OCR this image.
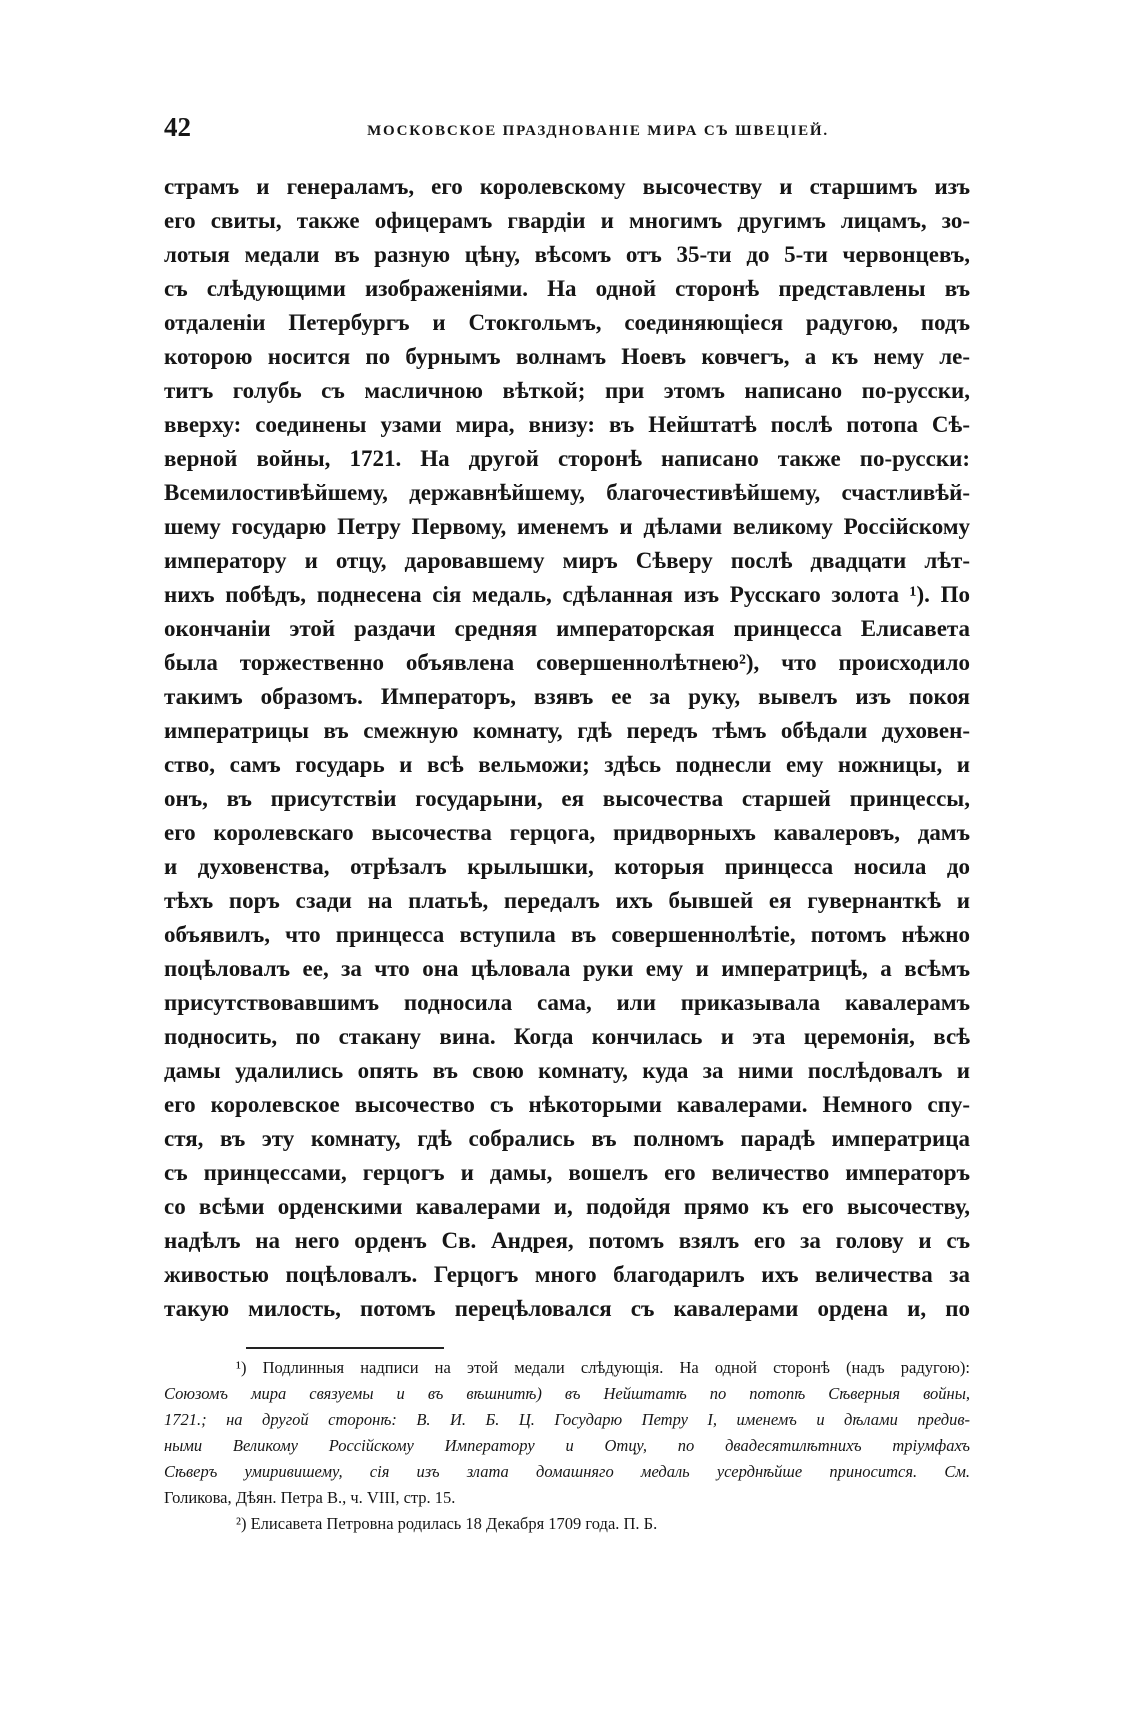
42	МОСКОВСКОЕ ПРАЗДНОВАНІЕ МИРА СЪ ШВЕЦІЕЙ.
страмъ и генераламъ, его королевскому высочеству и старшимъ изъ
его свиты, также офицерамъ гвардіи и многимъ другимъ лицамъ, зо-
лотыя медали въ разную цѣну, вѣсомъ отъ 35-ти до 5-ти червонцевъ,
съ слѣдующими изображеніями. На одной сторонѣ представлены въ
отдаленіи Петербургъ и Стокгольмъ, соединяющіеся радугою, подъ
которою носится по бурнымъ волнамъ Ноевъ ковчегъ, а къ нему ле-
титъ голубь съ масличною вѣткой; при этомъ написано по-русски,
вверху: соединены узами мира, внизу: въ Нейштатѣ послѣ потопа Сѣ-
верной войны, 1721. На другой сторонѣ написано также по-русски:
Всемилостивѣйшему, державнѣйшему, благочестивѣйшему, счастливѣй-
шему государю Петру Первому, именемъ и дѣлами великому Россійскому
императору и отцу, даровавшему миръ Сѣверу послѣ двадцати лѣт-
нихъ побѣдъ, поднесена сія медаль, сдѣланная изъ Русскаго золота ¹). По
окончаніи этой раздачи средняя императорская принцесса Елисавета
была торжественно объявлена совершеннолѣтнею²), что происходило
такимъ образомъ. Императоръ, взявъ ее за руку, вывелъ изъ покоя
императрицы въ смежную комнату, гдѣ передъ тѣмъ обѣдали духовен-
ство, самъ государь и всѣ вельможи; здѣсь поднесли ему ножницы, и
онъ, въ присутствіи государыни, ея высочества старшей принцессы,
его королевскаго высочества герцога, придворныхъ кавалеровъ, дамъ
и духовенства, отрѣзалъ крылышки, которыя принцесса носила до
тѣхъ поръ сзади на платьѣ, передалъ ихъ бывшей ея гувернанткѣ и
объявилъ, что принцесса вступила въ совершеннолѣтіе, потомъ нѣжно
поцѣловалъ ее, за что она цѣловала руки ему и императрицѣ, а всѣмъ
присутствовавшимъ подносила сама, или приказывала кавалерамъ
подносить, по стакану вина. Когда кончилась и эта церемонія, всѣ
дамы удалились опять въ свою комнату, куда за ними послѣдовалъ и
его королевское высочество съ нѣкоторыми кавалерами. Немного спу-
стя, въ эту комнату, гдѣ собрались въ полномъ парадѣ императрица
съ принцессами, герцогъ и дамы, вошелъ его величество императоръ
со всѣми орденскими кавалерами и, подойдя прямо къ его высочеству,
надѣлъ на него орденъ Св. Андрея, потомъ взялъ его за голову и съ
живостью поцѣловалъ. Герцогъ много благодарилъ ихъ величества за
такую милость, потомъ перецѣловался съ кавалерами ордена и, по
¹) Подлинныя надписи на этой медали слѣдующія. На одной сторонѣ (надъ радугою):
Союзомъ мира связуемы и въ вѣшнитѣ) въ Нейштатѣ по потопѣ Сѣверныя войны,
1721.; на другой сторонѣ: В. И. Б. Ц. Государю Петру I, именемъ и дѣлами предив-
ными Великому Россійскому Императору и Отцу, по двадесятилѣтнихъ тріумфахъ
Сѣверъ умиривишему, сія изъ злата домашняго медаль усерднѣйше приносится. См.
Голикова, Дѣян. Петра В., ч. VIII, стр. 15.
²) Елисавета Петровна родилась 18 Декабря 1709 года. П. Б.
